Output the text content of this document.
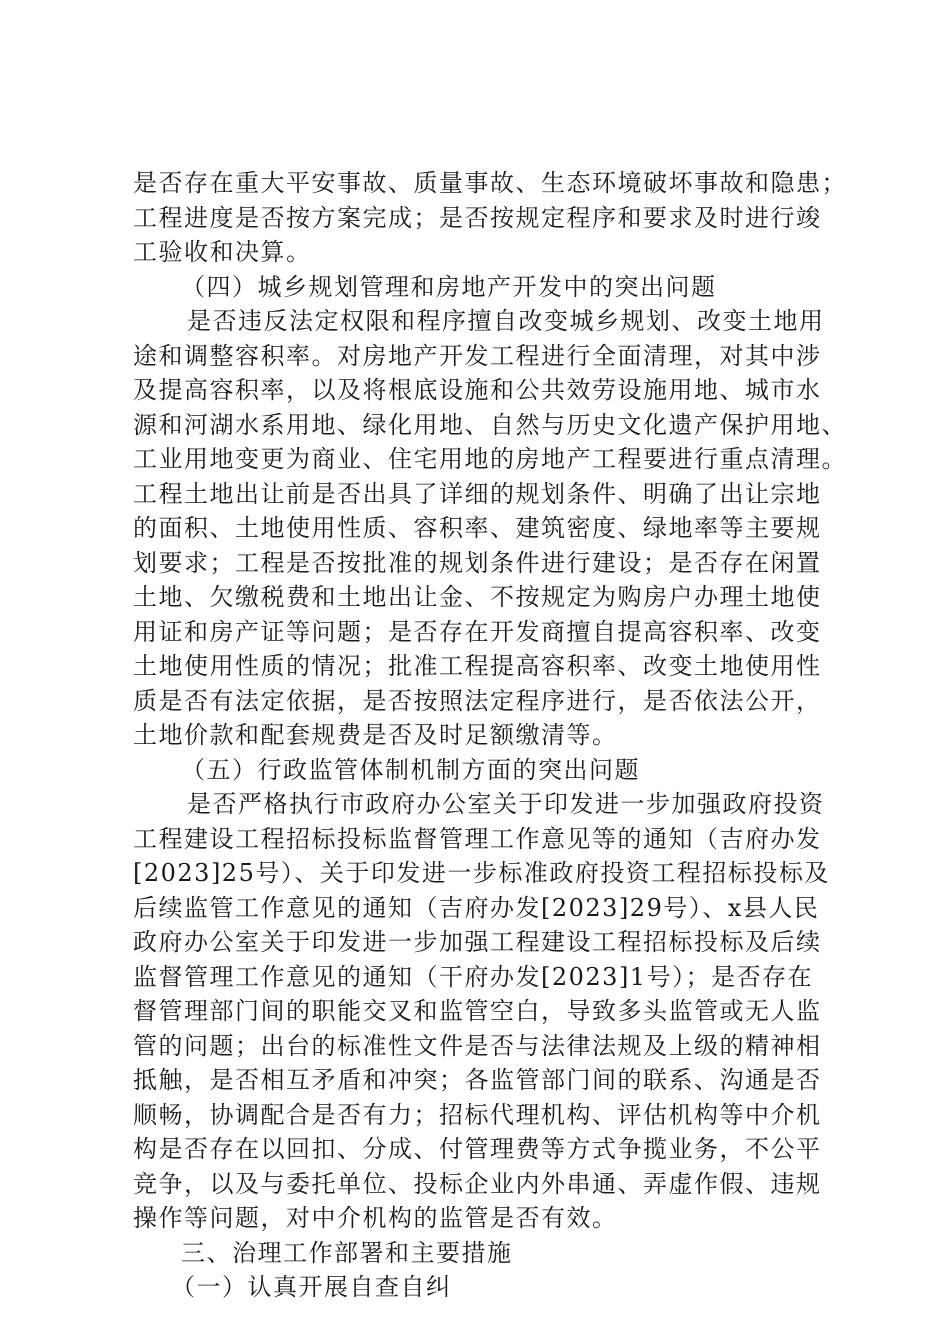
是否存在重大平安事故、质量事故、生态环境破坏事故和隐患；
工程进度是否按方案完成；是否按规定程序和要求及时进行竣
工验收和决算。
（四）城乡规划管理和房地产开发中的突出问题
是否违反法定权限和程序擅自改变城乡规划、改变土地用
途和调整容积率。对房地产开发工程进行全面清理，对其中涉
及提高容积率，以及将根底设施和公共效劳设施用地、城市水
源和河湖水系用地、绿化用地、自然与历史文化遗产保护用地、
工业用地变更为商业、住宅用地的房地产工程要进行重点清理。
工程土地出让前是否出具了详细的规划条件、明确了出让宗地
的面积、土地使用性质、容积率、建筑密度、绿地率等主要规
划要求；工程是否按批准的规划条件进行建设；是否存在闲置
土地、欠缴税费和土地出让金、不按规定为购房户办理土地使
用证和房产证等问题；是否存在开发商擅自提高容积率、改变
土地使用性质的情况；批准工程提高容积率、改变土地使用性
质是否有法定依据，是否按照法定程序进行，是否依法公开，
土地价款和配套规费是否及时足额缴清等。
（五）行政监管体制机制方面的突出问题
是否严格执行市政府办公室关于印发进一步加强政府投资
工程建设工程招标投标监督管理工作意见等的通知（吉府办发
[2023]25号）、关于印发进一步标准政府投资工程招标投标及
后续监管工作意见的通知（吉府办发[2023]29号）、x县人民
政府办公室关于印发进一步加强工程建设工程招标投标及后续
监督管理工作意见的通知（干府办发[2023]1号）；是否存在
督管理部门间的职能交叉和监管空白，导致多头监管或无人监
管的问题；出台的标准性文件是否与法律法规及上级的精神相
抵触，是否相互矛盾和冲突；各监管部门间的联系、沟通是否
顺畅，协调配合是否有力；招标代理机构、评估机构等中介机
构是否存在以回扣、分成、付管理费等方式争揽业务，不公平
竞争，以及与委托单位、投标企业内外串通、弄虚作假、违规
操作等问题，对中介机构的监管是否有效。
三、治理工作部署和主要措施
（一）认真开展自查自纠
